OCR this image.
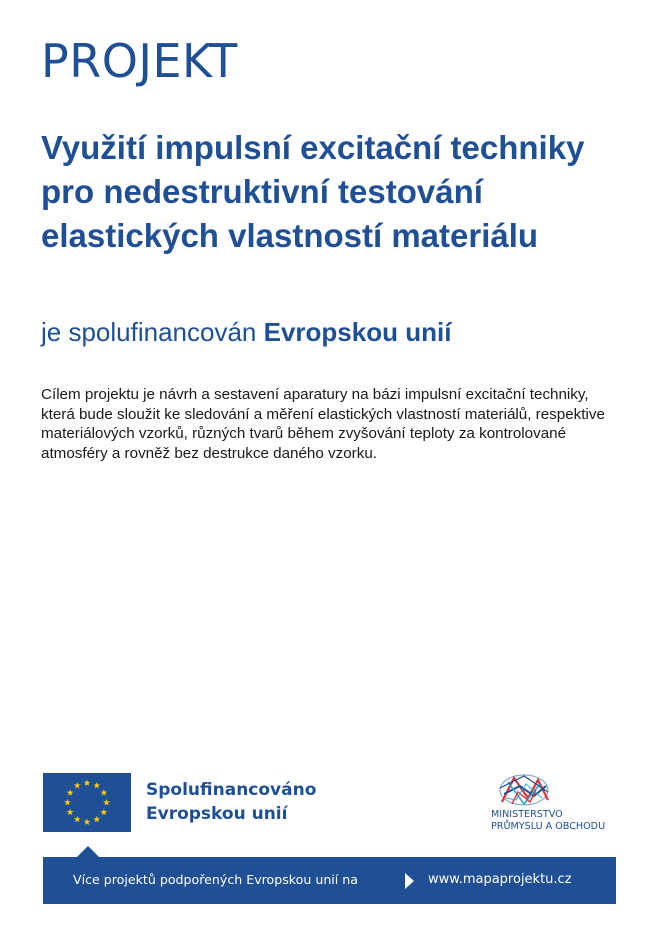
PROJEKT
Využití impulsní excitační techniky pro nedestruktivní testování elastických vlastností materiálu

je spolufinancován Evropskou unií

Cílem projektu je návrh a sestavení aparatury na bázi impulsní excitační techniky, která bude sloužit ke sledování a měření elastických vlastností materiálů, respektive materiálových vzorků, různých tvarů během zvyšování teploty za kontrolované atmosféry a rovněž bez destrukce daného vzorku.

Spolufinancováno
Evropskou unií	MINISTERSTVO
PRŮMYSLU A OBCHODU
Více projektů podpořených Evropskou unií na	www.mapaprojektu.cz
